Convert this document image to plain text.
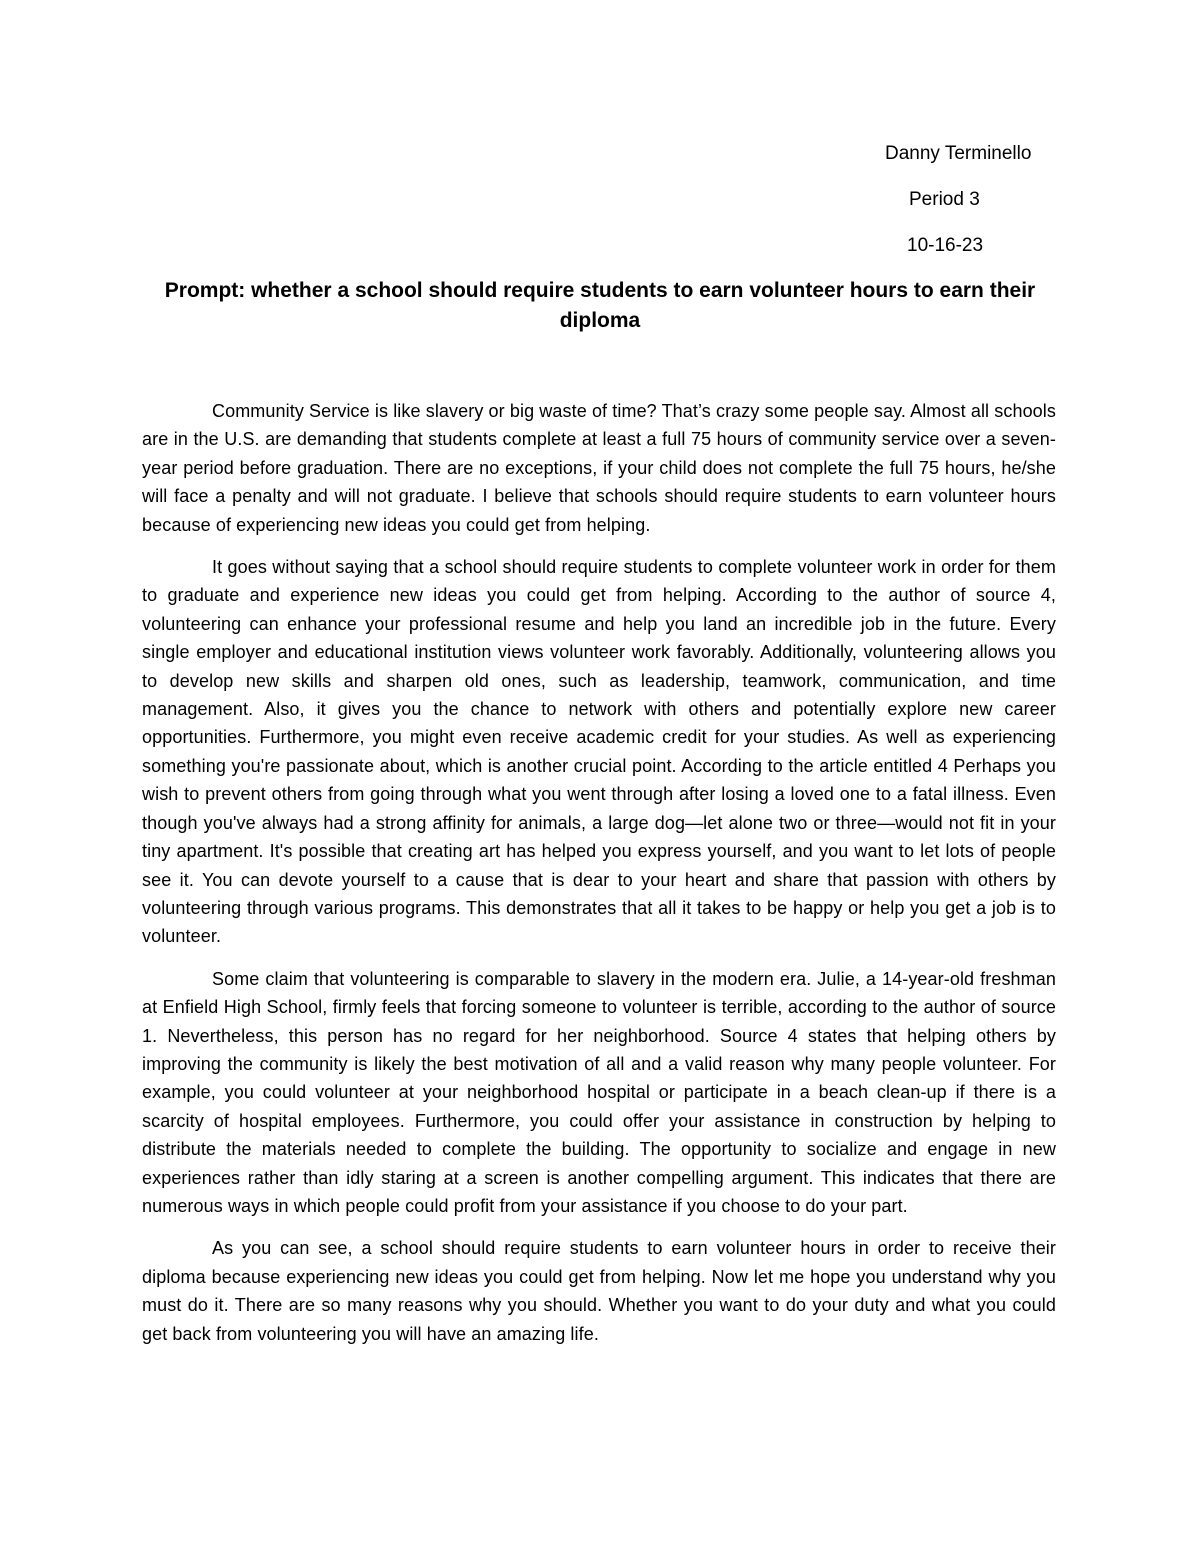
Danny Terminello
Period 3
10-16-23
Prompt: whether a school should require students to earn volunteer hours to earn their diploma

Community Service is like slavery or big waste of time? That’s crazy some people say. Almost all schools are in the U.S. are demanding that students complete at least a full 75 hours of community service over a seven-year period before graduation. There are no exceptions, if your child does not complete the full 75 hours, he/she will face a penalty and will not graduate. I believe that schools should require students to earn volunteer hours because of experiencing new ideas you could get from helping.

It goes without saying that a school should require students to complete volunteer work in order for them to graduate and experience new ideas you could get from helping. According to the author of source 4, volunteering can enhance your professional resume and help you land an incredible job in the future. Every single employer and educational institution views volunteer work favorably. Additionally, volunteering allows you to develop new skills and sharpen old ones, such as leadership, teamwork, communication, and time management. Also, it gives you the chance to network with others and potentially explore new career opportunities. Furthermore, you might even receive academic credit for your studies. As well as experiencing something you're passionate about, which is another crucial point. According to the article entitled 4 Perhaps you wish to prevent others from going through what you went through after losing a loved one to a fatal illness. Even though you've always had a strong affinity for animals, a large dog—let alone two or three—would not fit in your tiny apartment. It's possible that creating art has helped you express yourself, and you want to let lots of people see it. You can devote yourself to a cause that is dear to your heart and share that passion with others by volunteering through various programs. This demonstrates that all it takes to be happy or help you get a job is to volunteer.

Some claim that volunteering is comparable to slavery in the modern era. Julie, a 14-year-old freshman at Enfield High School, firmly feels that forcing someone to volunteer is terrible, according to the author of source 1. Nevertheless, this person has no regard for her neighborhood. Source 4 states that helping others by improving the community is likely the best motivation of all and a valid reason why many people volunteer. For example, you could volunteer at your neighborhood hospital or participate in a beach clean-up if there is a scarcity of hospital employees. Furthermore, you could offer your assistance in construction by helping to distribute the materials needed to complete the building. The opportunity to socialize and engage in new experiences rather than idly staring at a screen is another compelling argument. This indicates that there are numerous ways in which people could profit from your assistance if you choose to do your part.

As you can see, a school should require students to earn volunteer hours in order to receive their diploma because experiencing new ideas you could get from helping. Now let me hope you understand why you must do it. There are so many reasons why you should. Whether you want to do your duty and what you could get back from volunteering you will have an amazing life.
